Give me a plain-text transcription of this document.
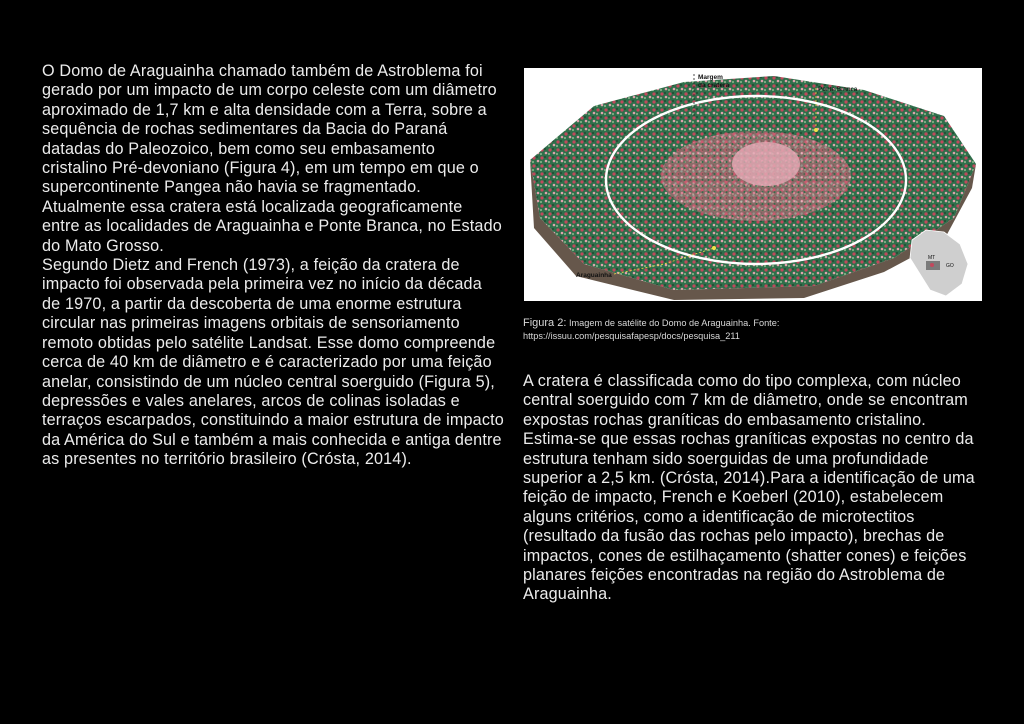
O Domo de Araguainha chamado também de Astroblema foi gerado por um impacto de um corpo celeste com um diâmetro aproximado de 1,7 km e alta densidade com a Terra, sobre a sequência de rochas sedimentares da Bacia do Paraná datadas do Paleozoico, bem como seu embasamento cristalino Pré-devoniano (Figura 4), em um tempo em que o supercontinente Pangea não havia se fragmentado. Atualmente essa cratera está localizada geograficamente entre as localidades de Araguainha e Ponte Branca, no Estado do Mato Grosso.

Segundo Dietz and French (1973), a feição da cratera de impacto foi observada pela primeira vez no início da década de 1970, a partir da descoberta de uma enorme estrutura circular nas primeiras imagens orbitais de sensoriamento remoto obtidas pelo satélite Landsat. Esse domo compreende cerca de 40 km de diâmetro e é caracterizado por uma feição anelar, consistindo de um núcleo central soerguido (Figura 5), depressões e vales anelares, arcos de colinas isoladas e terraços escarpados, constituindo a maior estrutura de impacto da América do Sul e também a mais conhecida e antiga dentre as presentes no território brasileiro (Crósta, 2014).

Margem
da cratera
Ponte Branca
Araguainha
MT
GO
Figura 2: Imagem de satélite do Domo de Araguainha. Fonte:
https://issuu.com/pesquisafapesp/docs/pesquisa_211

A cratera é classificada como do tipo complexa, com núcleo central soerguido com 7 km de diâmetro, onde se encontram expostas rochas graníticas do embasamento cristalino. Estima-se que essas rochas graníticas expostas no centro da estrutura tenham sido soerguidas de uma profundidade superior a 2,5 km. (Crósta, 2014).Para a identificação de uma feição de impacto, French e Koeberl (2010), estabelecem alguns critérios, como a identificação de microtectitos (resultado da fusão das rochas pelo impacto), brechas de impactos, cones de estilhaçamento (shatter cones) e feições planares feições encontradas na região do Astroblema de Araguainha.
